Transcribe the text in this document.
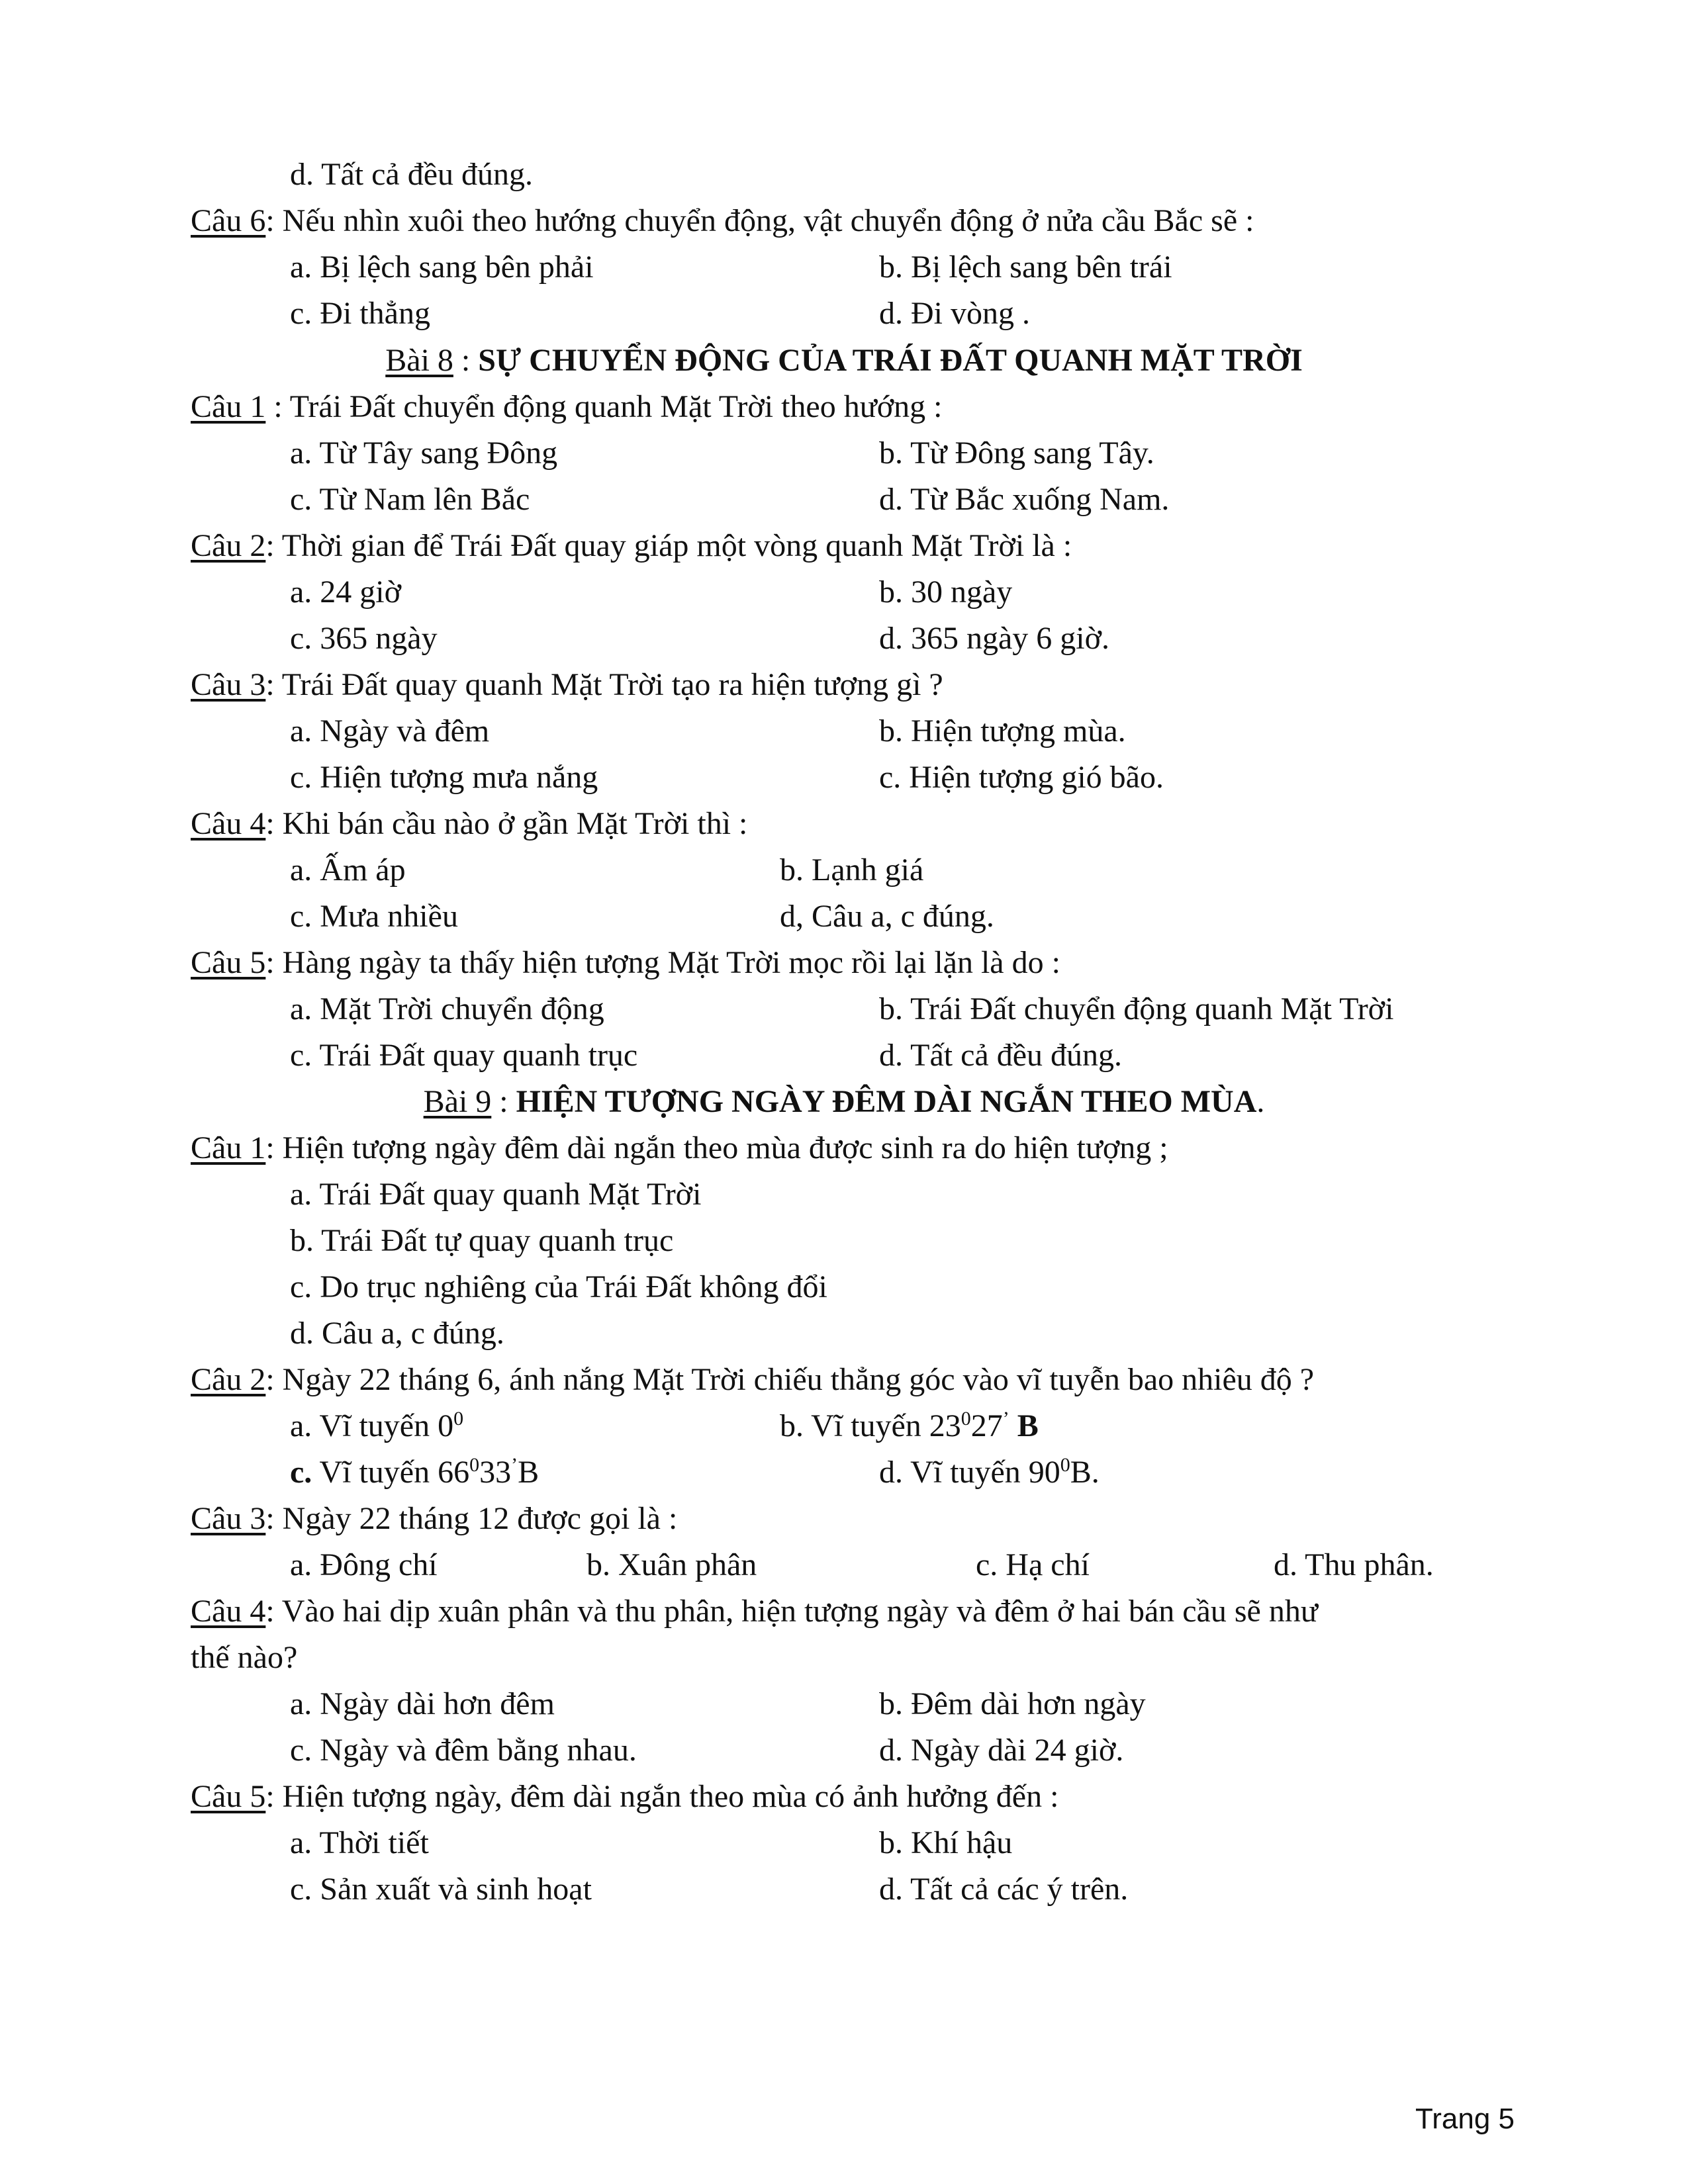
d. Tất cả đều đúng.
Câu 6: Nếu nhìn xuôi theo hướng chuyển động, vật chuyển động ở nửa cầu Bắc sẽ :
a. Bị lệch sang bên phải	b. Bị lệch sang bên trái
c. Đi thẳng	d. Đi vòng .
Bài 8 : SỰ CHUYỂN ĐỘNG CỦA TRÁI ĐẤT QUANH MẶT TRỜI
Câu 1 : Trái Đất chuyển động quanh Mặt Trời theo hướng :
a. Từ Tây sang Đông	b. Từ Đông sang Tây.
c. Từ Nam lên Bắc	d. Từ Bắc xuống Nam.
Câu 2: Thời gian để Trái Đất quay giáp một vòng quanh Mặt Trời là :
a. 24 giờ	b. 30 ngày
c. 365 ngày	d. 365 ngày 6 giờ.
Câu 3: Trái Đất quay quanh Mặt Trời tạo ra hiện tượng gì ?
a. Ngày và đêm	b. Hiện tượng mùa.
c. Hiện tượng mưa nắng	c. Hiện tượng gió bão.
Câu 4: Khi bán cầu nào ở gần Mặt Trời thì :
a. Ấm áp	b. Lạnh giá
c. Mưa nhiều	d, Câu a, c đúng.
Câu 5: Hàng ngày ta thấy hiện tượng Mặt Trời mọc rồi lại lặn là do :
a. Mặt Trời chuyển động	b. Trái Đất chuyển động quanh Mặt Trời
c. Trái Đất quay quanh trục	d. Tất cả đều đúng.
Bài 9 : HIỆN TƯỢNG NGÀY ĐÊM DÀI NGẮN THEO MÙA.
Câu 1: Hiện tượng ngày đêm dài ngắn theo mùa được sinh ra do hiện tượng ;
a. Trái Đất quay quanh Mặt Trời
b. Trái Đất tự quay quanh trục
c. Do trục nghiêng của Trái Đất không đổi
d. Câu a, c đúng.
Câu 2: Ngày 22 tháng 6, ánh nắng Mặt Trời chiếu thẳng góc vào vĩ tuyễn bao nhiêu độ ?
a. Vĩ tuyến $0^0$	b. Vĩ tuyến $23^027^’$ B
c. Vĩ tuyến $66^033^’B$	d. Vĩ tuyến $90^0B$.
Câu 3: Ngày 22 tháng 12 được gọi là :
a. Đông chí	b. Xuân phân	c. Hạ chí	d. Thu phân.
Câu 4: Vào hai dịp xuân phân và thu phân, hiện tượng ngày và đêm ở hai bán cầu sẽ như
thế nào?
a. Ngày dài hơn đêm	b. Đêm dài hơn ngày
c. Ngày và đêm bằng nhau.	d. Ngày dài 24 giờ.
Câu 5: Hiện tượng ngày, đêm dài ngắn theo mùa có ảnh hưởng đến :
a. Thời tiết	b. Khí hậu
c. Sản xuất và sinh hoạt	d. Tất cả các ý trên.
Trang 5
